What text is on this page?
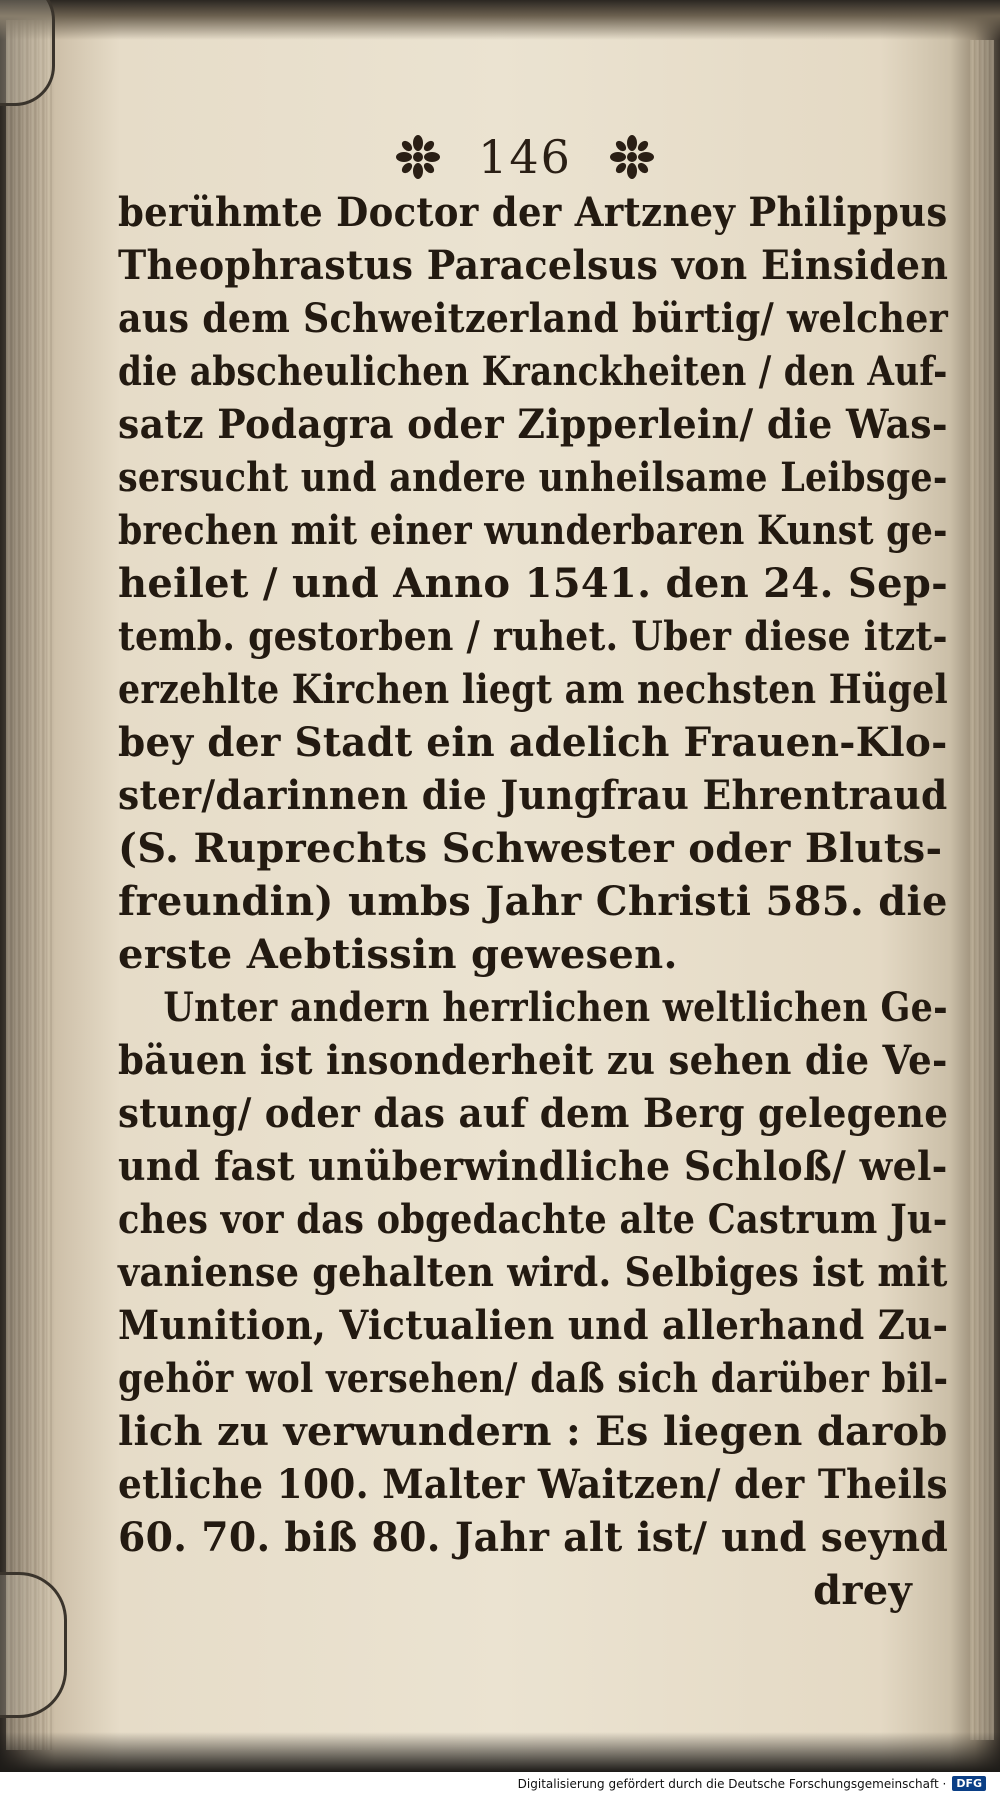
146
berühmte Doctor der Artzney Philippus
Theophrastus Paracelsus von Einsiden
aus dem Schweitzerland bürtig/ welcher
die abscheulichen Kranckheiten / den Auf-
satz Podagra oder Zipperlein/ die Was-
sersucht und andere unheilsame Leibsge-
brechen mit einer wunderbaren Kunst ge-
heilet / und Anno 1541. den 24. Sep-
temb. gestorben / ruhet. Uber diese itzt-
erzehlte Kirchen liegt am nechsten Hügel
bey der Stadt ein adelich Frauen-Klo-
ster/darinnen die Jungfrau Ehrentraud
(S. Ruprechts Schwester oder Bluts-
freundin) umbs Jahr Christi 585. die
erste Aebtissin gewesen.
Unter andern herrlichen weltlichen Ge-
bäuen ist insonderheit zu sehen die Ve-
stung/ oder das auf dem Berg gelegene
und fast unüberwindliche Schloß/ wel-
ches vor das obgedachte alte Castrum Ju-
vaniense gehalten wird. Selbiges ist mit
Munition, Victualien und allerhand Zu-
gehör wol versehen/ daß sich darüber bil-
lich zu verwundern : Es liegen darob
etliche 100. Malter Waitzen/ der Theils
60. 70. biß 80. Jahr alt ist/ und seynd
drey
Digitalisierung gefördert durch die Deutsche Forschungsgemeinschaft · DFG
